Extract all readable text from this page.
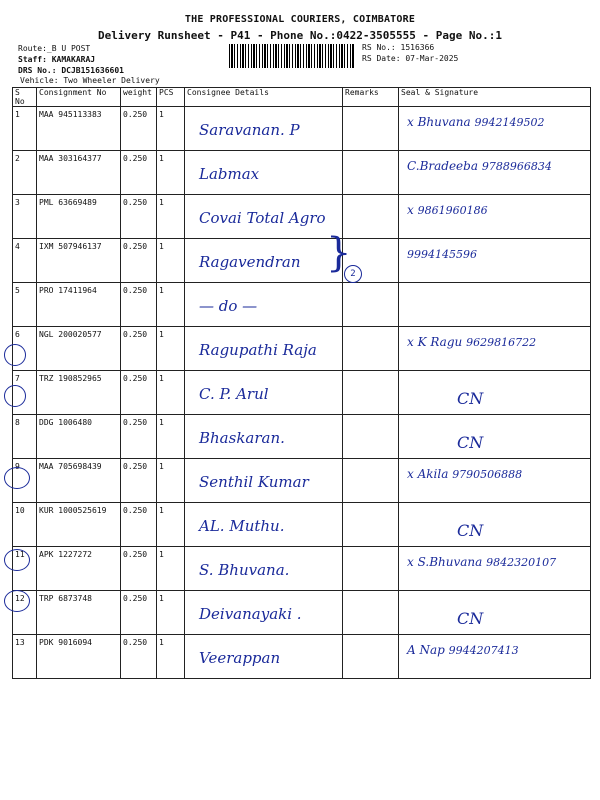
THE PROFESSIONAL COURIERS, COIMBATORE
Delivery Runsheet - P41 - Phone No.:0422-3505555 - Page No.:1
Route:_B U POST
Staff: KAMAKARAJ
DRS No.: DCJB151636601
Vehicle: Two Wheeler Delivery
RS No.: 1516366
RS Date: 07-Mar-2025
S No	Consignment No	weight	PCS	Consignee Details	Remarks	Seal & Signature
1	MAA 945113383	0.250	1	Saravanan. P		x Bhuvana 9942149502

2	MAA 303164377	0.250	1	Labmax		C.Bradeeba 9788966834

3	PML 63669489	0.250	1	Covai Total Agro		x 9861960186

4	IXM 507946137	0.250	1	Ragavendran		9994145596

5	PRO 17411964	0.250	1	— do —		

6	NGL 200020577	0.250	1	Ragupathi Raja		x K Ragu 9629816722

7	TRZ 190852965	0.250	1	C. P. Arul		CN

8	DDG 1006480	0.250	1	Bhaskaran.		CN

9	MAA 705698439	0.250	1	Senthil Kumar		x Akila 9790506888

10	KUR 1000525619	0.250	1	AL. Muthu.		CN

11	APK 1227272	0.250	1	S. Bhuvana.		x S.Bhuvana 9842320107

12	TRP 6873748	0.250	1	Deivanayaki .		CN

13	PDK 9016094	0.250	1	Veerappan		A Nap 9944207413
}
2
